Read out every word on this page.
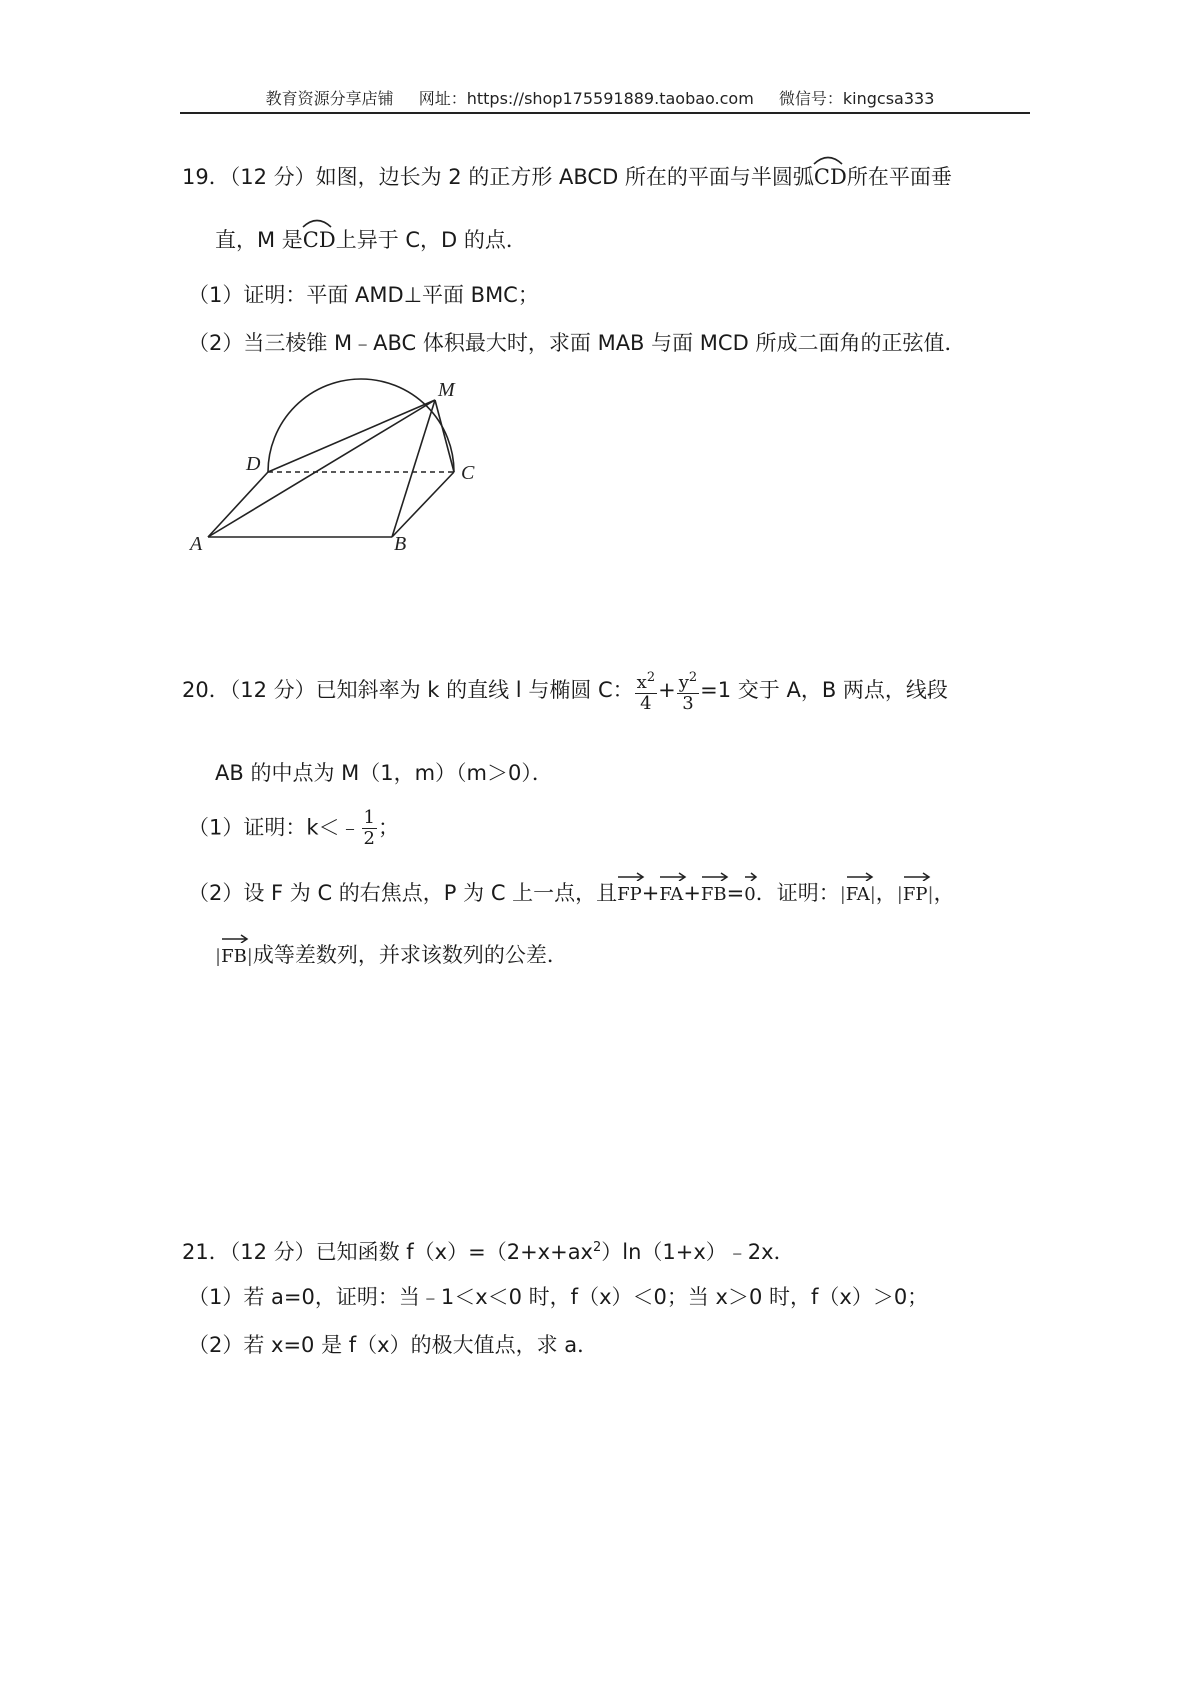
教育资源分享店铺 网址：https://shop175591889.taobao.com 微信号：kingcsa333
19．（12 分）如图，边长为 2 的正方形 ABCD 所在的平面与半圆弧
CD所在平面垂
直，M 是
CD上异于 C，D 的点．
（1）证明：平面 AMD⊥平面 BMC；
（2）当三棱锥 M﹣ABC 体积最大时，求面 MAB 与面 MCD 所成二面角的正弦值．
M
D	C
A	B
20．（12 分）已知斜率为 k 的直线 l 与椭圆 C： $\frac{x^2}{4} + \frac{y^2}{3} =1$ 交于 A，B 两点，线段
AB 的中点为 M（1，m）（m＞0）．
（1）证明：k＜﹣ $\frac{1}{2}$ ；
（2）设 F 为 C 的右焦点，P 为 C 上一点，且
FP+
FA+
FB=
0．证明：|
FA|，|
FP|，
|
FB|成等差数列，并求该数列的公差．
21．（12 分）已知函数 $f(x)=(2+x+ax^2)\ln(1+x)﹣2x$．
（1）若 a=0，证明：当﹣1＜x＜0 时，f（x）＜0；当 x＞0 时，f（x）＞0；
（2）若 x=0 是 f（x）的极大值点，求 a．
